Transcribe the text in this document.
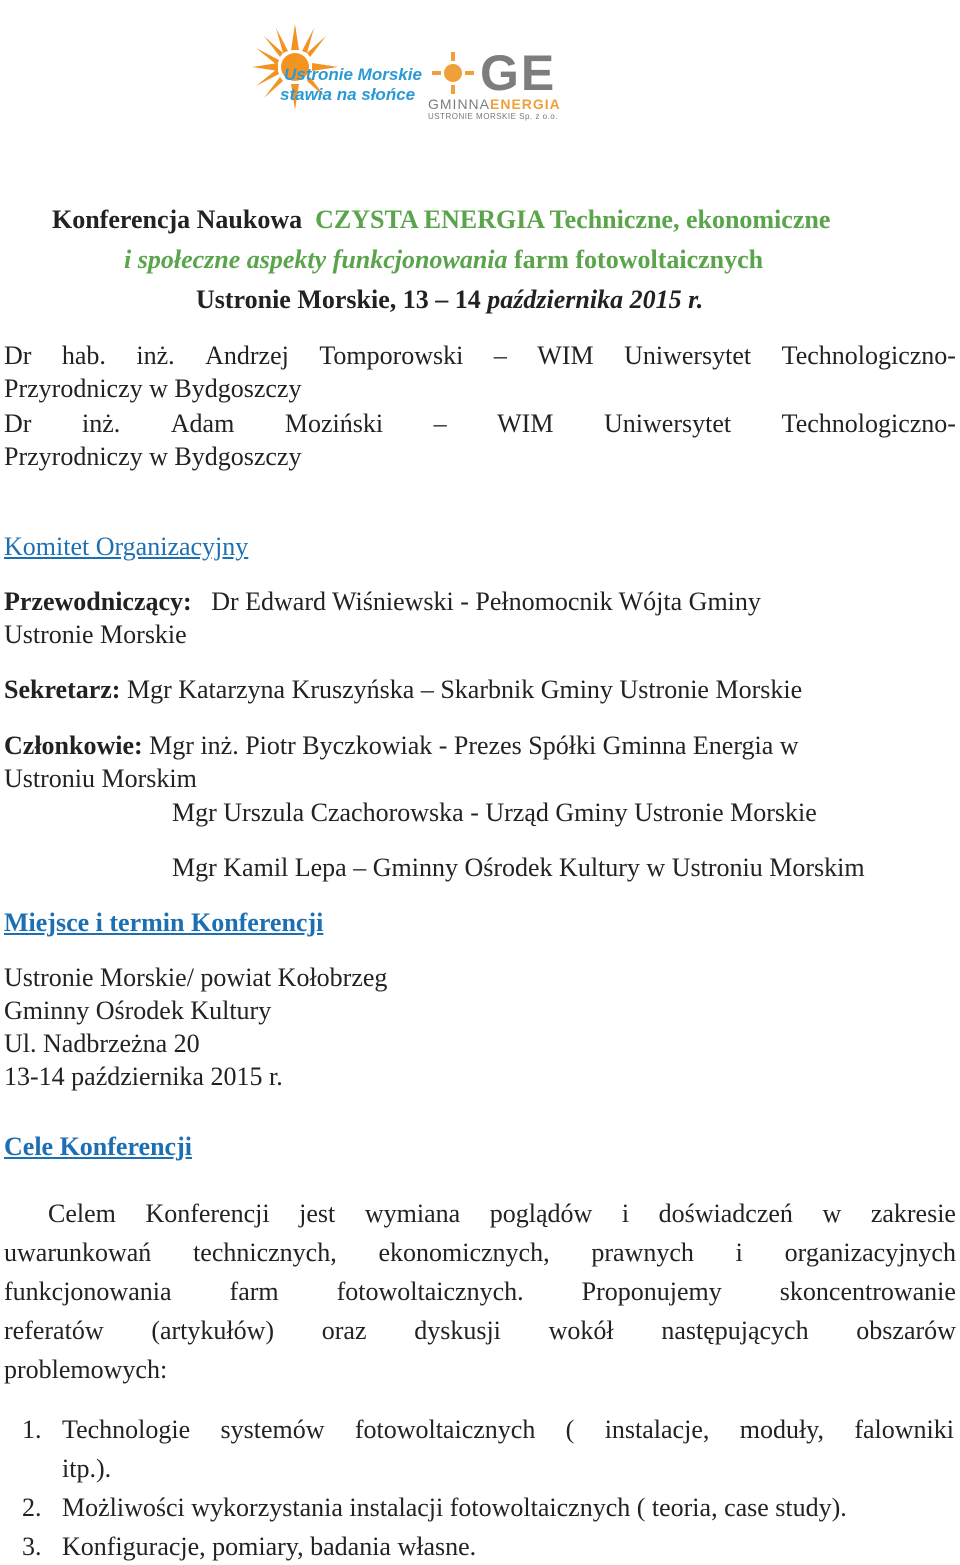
Ustronie Morskie
stawia na słońce GE
GMINNAENERGIA
USTRONIE MORSKIE Sp. z o.o.
Konferencja Naukowa CZYSTA ENERGIA Techniczne, ekonomiczne
i społeczne aspekty funkcjonowania farm fotowoltaicznych
Ustronie Morskie, 13 – 14 października 2015 r.
Dr hab. inż. Andrzej Tomporowski – WIM Uniwersytet Technologiczno-
Przyrodniczy w Bydgoszczy
Dr inż. Adam Moziński – WIM Uniwersytet Technologiczno-
Przyrodniczy w Bydgoszczy
Komitet Organizacyjny
Przewodniczący: Dr Edward Wiśniewski - Pełnomocnik Wójta Gminy
Ustronie Morskie
Sekretarz: Mgr Katarzyna Kruszyńska – Skarbnik Gminy Ustronie Morskie
Członkowie: Mgr inż. Piotr Byczkowiak - Prezes Spółki Gminna Energia w
Ustroniu Morskim
Mgr Urszula Czachorowska - Urząd Gminy Ustronie Morskie
Mgr Kamil Lepa – Gminny Ośrodek Kultury w Ustroniu Morskim
Miejsce i termin Konferencji
Ustronie Morskie/ powiat Kołobrzeg
Gminny Ośrodek Kultury
Ul. Nadbrzeżna 20
13-14 października 2015 r.
Cele Konferencji
Celem Konferencji jest wymiana poglądów i doświadczeń w zakresie
uwarunkowań technicznych, ekonomicznych, prawnych i organizacyjnych
funkcjonowania farm fotowoltaicznych. Proponujemy skoncentrowanie
referatów (artykułów) oraz dyskusji wokół następujących obszarów
problemowych:
1. Technologie systemów fotowoltaicznych ( instalacje, moduły, falowniki
itp.).
2. Możliwości wykorzystania instalacji fotowoltaicznych ( teoria, case study).
3. Konfiguracje, pomiary, badania własne.
